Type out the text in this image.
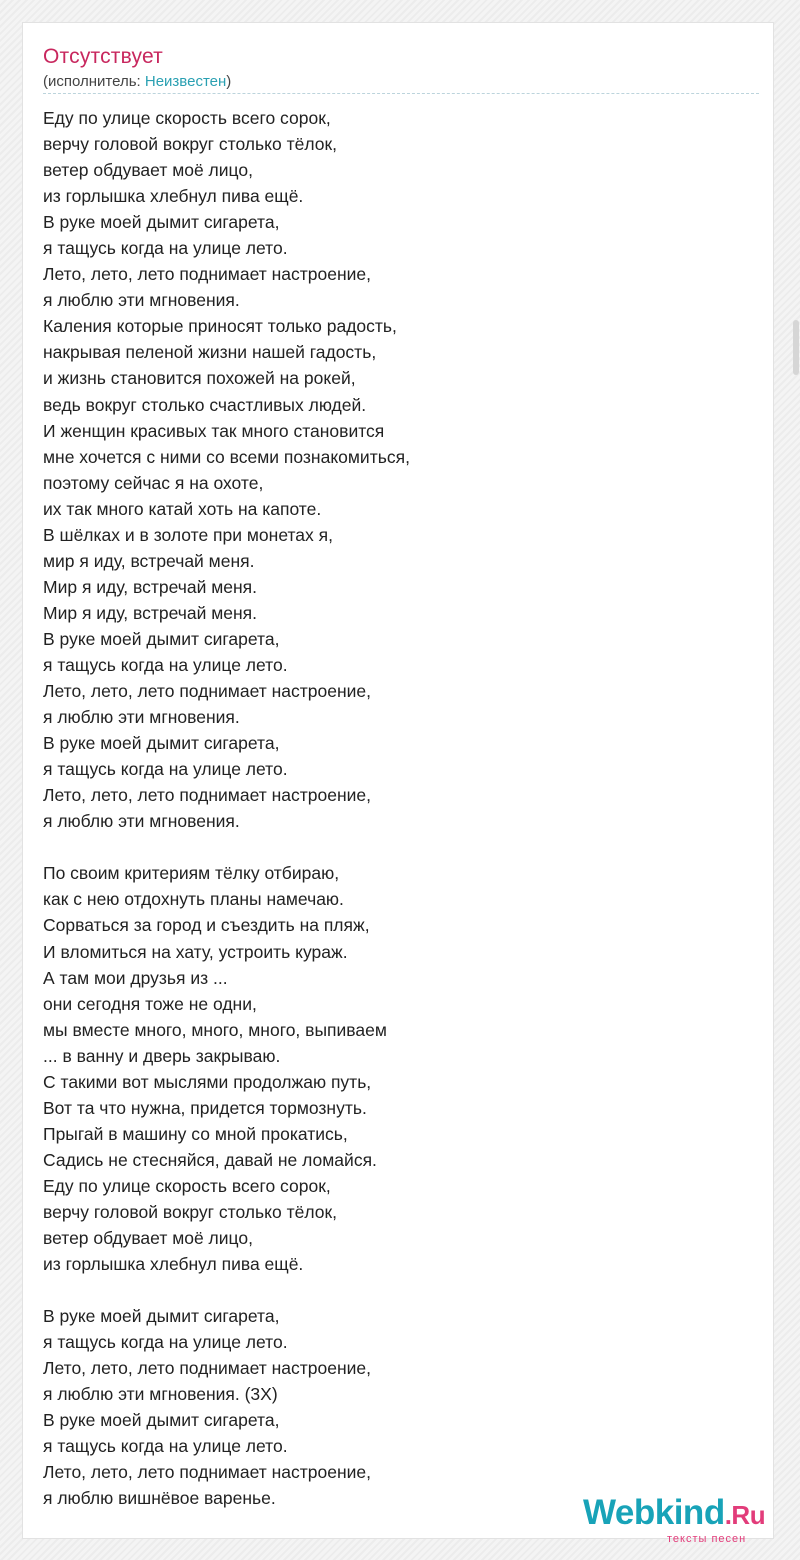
Отсутствует
(исполнитель: Неизвестен)
Еду по улице скорость всего сорок,
верчу головой вокруг столько тёлок,
ветер обдувает моё лицо,
из горлышка хлебнул пива ещё.
В руке моей дымит сигарета,
я тащусь когда на улице лето.
Лето, лето, лето поднимает настроение,
я люблю эти мгновения.
Каления которые приносят только радость,
накрывая пеленой жизни нашей гадость,
и жизнь становится похожей на рокей,
ведь вокруг столько счастливых людей.
И женщин красивых так много становится
мне хочется с ними со всеми познакомиться,
поэтому сейчас я на охоте,
их так много катай хоть на капоте.
В шёлках и в золоте при монетах я,
мир я иду, встречай меня.
Мир я иду, встречай меня.
Мир я иду, встречай меня.
В руке моей дымит сигарета,
я тащусь когда на улице лето.
Лето, лето, лето поднимает настроение,
я люблю эти мгновения.
В руке моей дымит сигарета,
я тащусь когда на улице лето.
Лето, лето, лето поднимает настроение,
я люблю эти мгновения.
По своим критериям тёлку отбираю,
как с нею отдохнуть планы намечаю.
Сорваться за город и съездить на пляж,
И вломиться на хату, устроить кураж.
А там мои друзья из ...
они сегодня тоже не одни,
мы вместе много, много, много, выпиваем
... в ванну и дверь закрываю.
С такими вот мыслями продолжаю путь,
Вот та что нужна, придется тормознуть.
Прыгай в машину со мной прокатись,
Садись не стесняйся, давай не ломайся.
Еду по улице скорость всего сорок,
верчу головой вокруг столько тёлок,
ветер обдувает моё лицо,
из горлышка хлебнул пива ещё.
В руке моей дымит сигарета,
я тащусь когда на улице лето.
Лето, лето, лето поднимает настроение,
я люблю эти мгновения. (3X)
В руке моей дымит сигарета,
я тащусь когда на улице лето.
Лето, лето, лето поднимает настроение,
я люблю вишнёвое варенье.	Webkind.Ru
тексты песен
